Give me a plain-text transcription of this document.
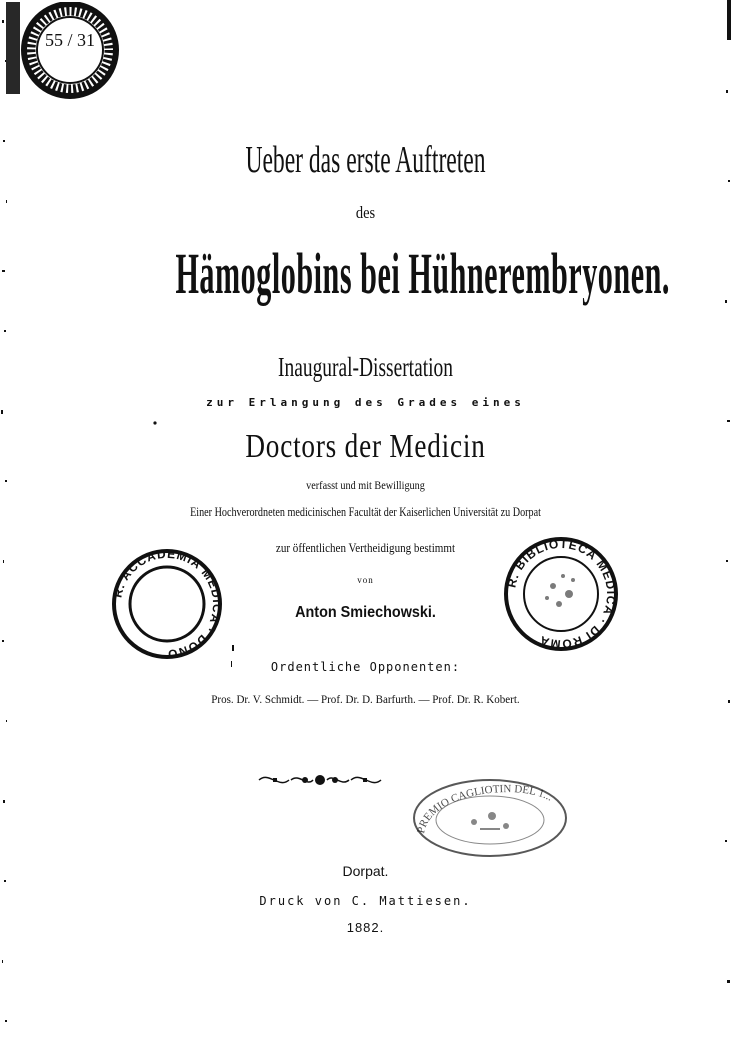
55 / 31
R. ACCADEMIA MEDICA · DONO
R. BIBLIOTECA MEDICA · DI ROMA
PREMIO CAGLIOTIN DEL 1...
Ueber das erste Auftreten
des
Hämoglobins bei Hühnerembryonen.
Inaugural-Dissertation
zur Erlangung des Grades eines
Doctors der Medicin
verfasst und mit Bewilligung
Einer Hochverordneten medicinischen Facultät der Kaiserlichen Universität zu Dorpat
zur öffentlichen Vertheidigung bestimmt
von
Anton Smiechowski.
Ordentliche Opponenten:
Pros. Dr. V. Schmidt. — Prof. Dr. D. Barfurth. — Prof. Dr. R. Kobert.
Dorpat.
Druck von C. Mattiesen.
1882.
